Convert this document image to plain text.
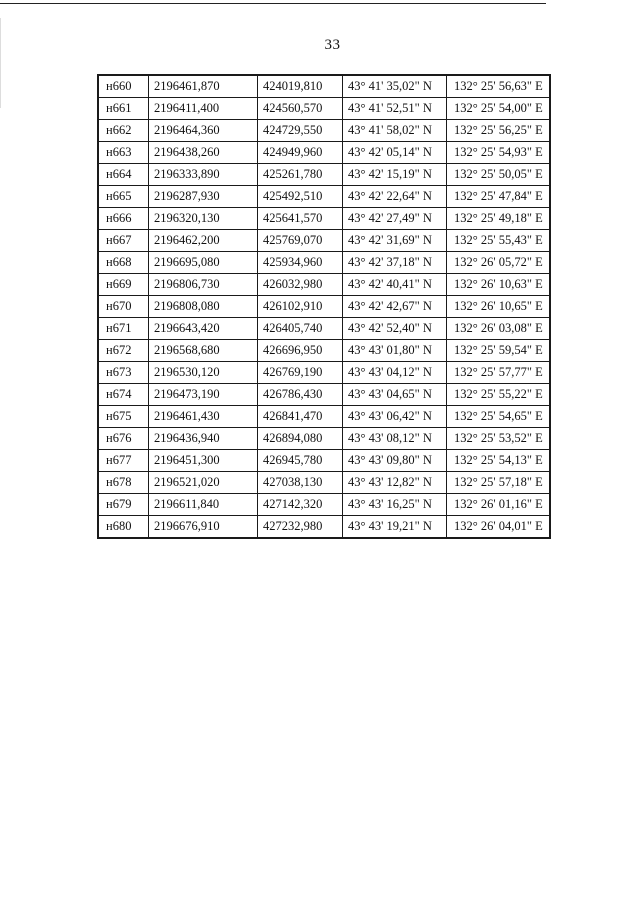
33
н660	2196461,870	424019,810	43° 41' 35,02" N	132° 25' 56,63" E
н661	2196411,400	424560,570	43° 41' 52,51" N	132° 25' 54,00" E
н662	2196464,360	424729,550	43° 41' 58,02" N	132° 25' 56,25" E
н663	2196438,260	424949,960	43° 42' 05,14" N	132° 25' 54,93" E
н664	2196333,890	425261,780	43° 42' 15,19" N	132° 25' 50,05" E
н665	2196287,930	425492,510	43° 42' 22,64" N	132° 25' 47,84" E
н666	2196320,130	425641,570	43° 42' 27,49" N	132° 25' 49,18" E
н667	2196462,200	425769,070	43° 42' 31,69" N	132° 25' 55,43" E
н668	2196695,080	425934,960	43° 42' 37,18" N	132° 26' 05,72" E
н669	2196806,730	426032,980	43° 42' 40,41" N	132° 26' 10,63" E
н670	2196808,080	426102,910	43° 42' 42,67" N	132° 26' 10,65" E
н671	2196643,420	426405,740	43° 42' 52,40" N	132° 26' 03,08" E
н672	2196568,680	426696,950	43° 43' 01,80" N	132° 25' 59,54" E
н673	2196530,120	426769,190	43° 43' 04,12" N	132° 25' 57,77" E
н674	2196473,190	426786,430	43° 43' 04,65" N	132° 25' 55,22" E
н675	2196461,430	426841,470	43° 43' 06,42" N	132° 25' 54,65" E
н676	2196436,940	426894,080	43° 43' 08,12" N	132° 25' 53,52" E
н677	2196451,300	426945,780	43° 43' 09,80" N	132° 25' 54,13" E
н678	2196521,020	427038,130	43° 43' 12,82" N	132° 25' 57,18" E
н679	2196611,840	427142,320	43° 43' 16,25" N	132° 26' 01,16" E
н680	2196676,910	427232,980	43° 43' 19,21" N	132° 26' 04,01" E
